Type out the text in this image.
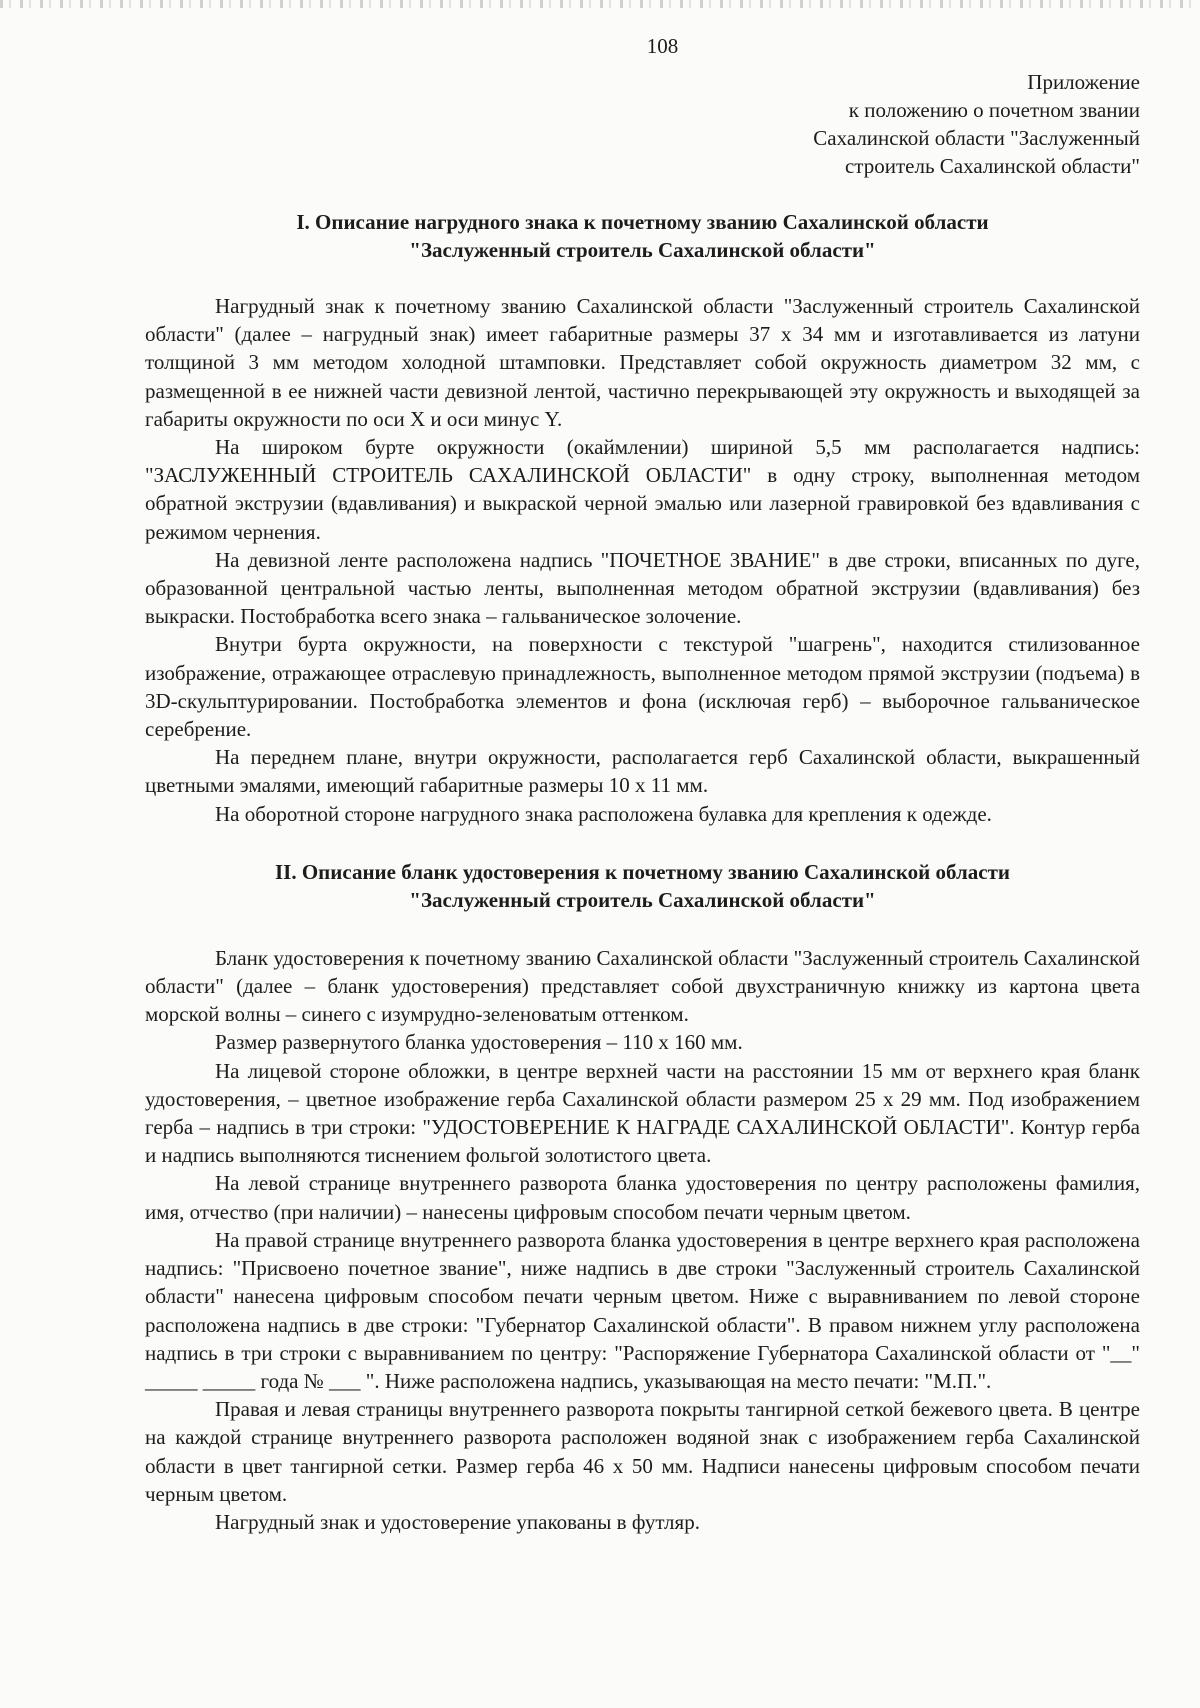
108
Приложение
к положению о почетном звании
Сахалинской области "Заслуженный
строитель Сахалинской области"
I. Описание нагрудного знака к почетному званию Сахалинской области
"Заслуженный строитель Сахалинской области"

Нагрудный знак к почетному званию Сахалинской области "Заслуженный строитель Сахалинской области" (далее – нагрудный знак) имеет габаритные размеры 37 х 34 мм и изготавливается из латуни толщиной 3 мм методом холодной штамповки. Представляет собой окружность диаметром 32 мм, с размещенной в ее нижней части девизной лентой, частично перекрывающей эту окружность и выходящей за габариты окружности по оси X и оси минус Y.

На широком бурте окружности (окаймлении) шириной 5,5 мм располагается надпись: "ЗАСЛУЖЕННЫЙ СТРОИТЕЛЬ САХАЛИНСКОЙ ОБЛАСТИ" в одну строку, выполненная методом обратной экструзии (вдавливания) и выкраской черной эмалью или лазерной гравировкой без вдавливания с режимом чернения.

На девизной ленте расположена надпись "ПОЧЕТНОЕ ЗВАНИЕ" в две строки, вписанных по дуге, образованной центральной частью ленты, выполненная методом обратной экструзии (вдавливания) без выкраски. Постобработка всего знака – гальваническое золочение.

Внутри бурта окружности, на поверхности с текстурой "шагрень", находится стилизованное изображение, отражающее отраслевую принадлежность, выполненное методом прямой экструзии (подъема) в 3D-скульптурировании. Постобработка элементов и фона (исключая герб) – выборочное гальваническое серебрение.

На переднем плане, внутри окружности, располагается герб Сахалинской области, выкрашенный цветными эмалями, имеющий габаритные размеры 10 х 11 мм.

На оборотной стороне нагрудного знака расположена булавка для крепления к одежде.

II. Описание бланк удостоверения к почетному званию Сахалинской области
"Заслуженный строитель Сахалинской области"

Бланк удостоверения к почетному званию Сахалинской области "Заслуженный строитель Сахалинской области" (далее – бланк удостоверения) представляет собой двухстраничную книжку из картона цвета морской волны – синего с изумрудно-зеленоватым оттенком.

Размер развернутого бланка удостоверения – 110 х 160 мм.

На лицевой стороне обложки, в центре верхней части на расстоянии 15 мм от верхнего края бланк удостоверения, – цветное изображение герба Сахалинской области размером 25 х 29 мм. Под изображением герба – надпись в три строки: "УДОСТОВЕРЕНИЕ К НАГРАДЕ САХАЛИНСКОЙ ОБЛАСТИ". Контур герба и надпись выполняются тиснением фольгой золотистого цвета.

На левой странице внутреннего разворота бланка удостоверения по центру расположены фамилия, имя, отчество (при наличии) – нанесены цифровым способом печати черным цветом.

На правой странице внутреннего разворота бланка удостоверения в центре верхнего края расположена надпись: "Присвоено почетное звание", ниже надпись в две строки "Заслуженный строитель Сахалинской области" нанесена цифровым способом печати черным цветом. Ниже с выравниванием по левой стороне расположена надпись в две строки: "Губернатор Сахалинской области". В правом нижнем углу расположена надпись в три строки с выравниванием по центру: "Распоряжение Губернатора Сахалинской области от "__" _____ _____ года № ___ ". Ниже расположена надпись, указывающая на место печати: "М.П.".

Правая и левая страницы внутреннего разворота покрыты тангирной сеткой бежевого цвета. В центре на каждой странице внутреннего разворота расположен водяной знак с изображением герба Сахалинской области в цвет тангирной сетки. Размер герба 46 х 50 мм. Надписи нанесены цифровым способом печати черным цветом.

Нагрудный знак и удостоверение упакованы в футляр.
